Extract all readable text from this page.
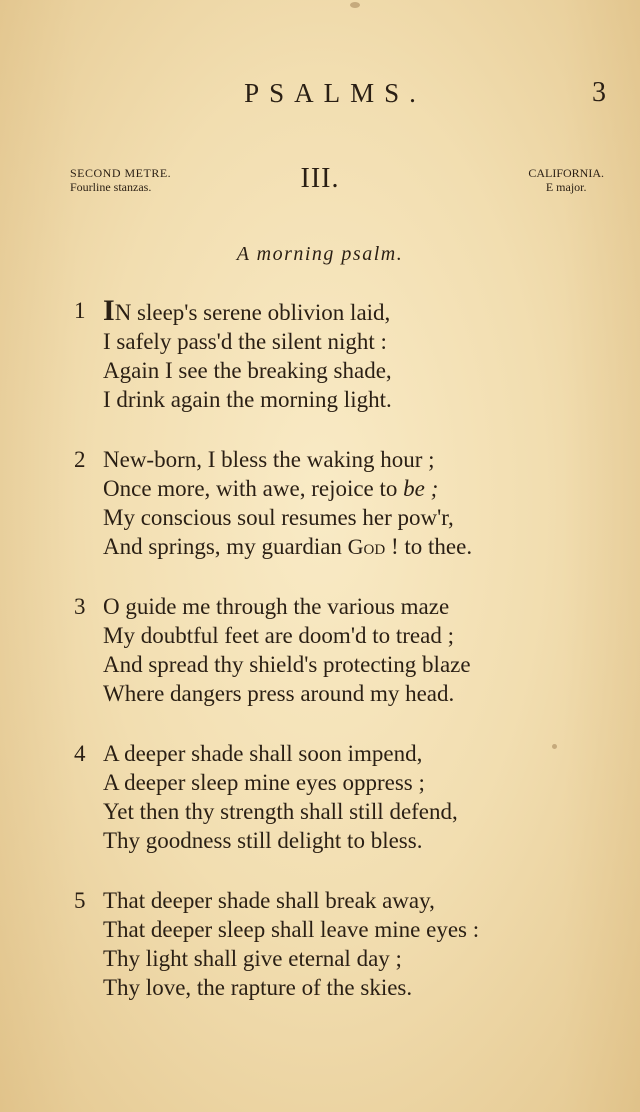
PSALMS.	3
SECOND METRE.
Fourline stanzas.	III.	CALIFORNIA.
E major.
A morning psalm.
1 IN sleep's serene oblivion laid,
I safely pass'd the silent night :
Again I see the breaking shade,
I drink again the morning light.
2 New-born, I bless the waking hour ;
Once more, with awe, rejoice to be ;
My conscious soul resumes her pow'r,
And springs, my guardian God ! to thee.
3 O guide me through the various maze
My doubtful feet are doom'd to tread ;
And spread thy shield's protecting blaze
Where dangers press around my head.
4 A deeper shade shall soon impend,
A deeper sleep mine eyes oppress ;
Yet then thy strength shall still defend,
Thy goodness still delight to bless.
5 That deeper shade shall break away,
That deeper sleep shall leave mine eyes :
Thy light shall give eternal day ;
Thy love, the rapture of the skies.
